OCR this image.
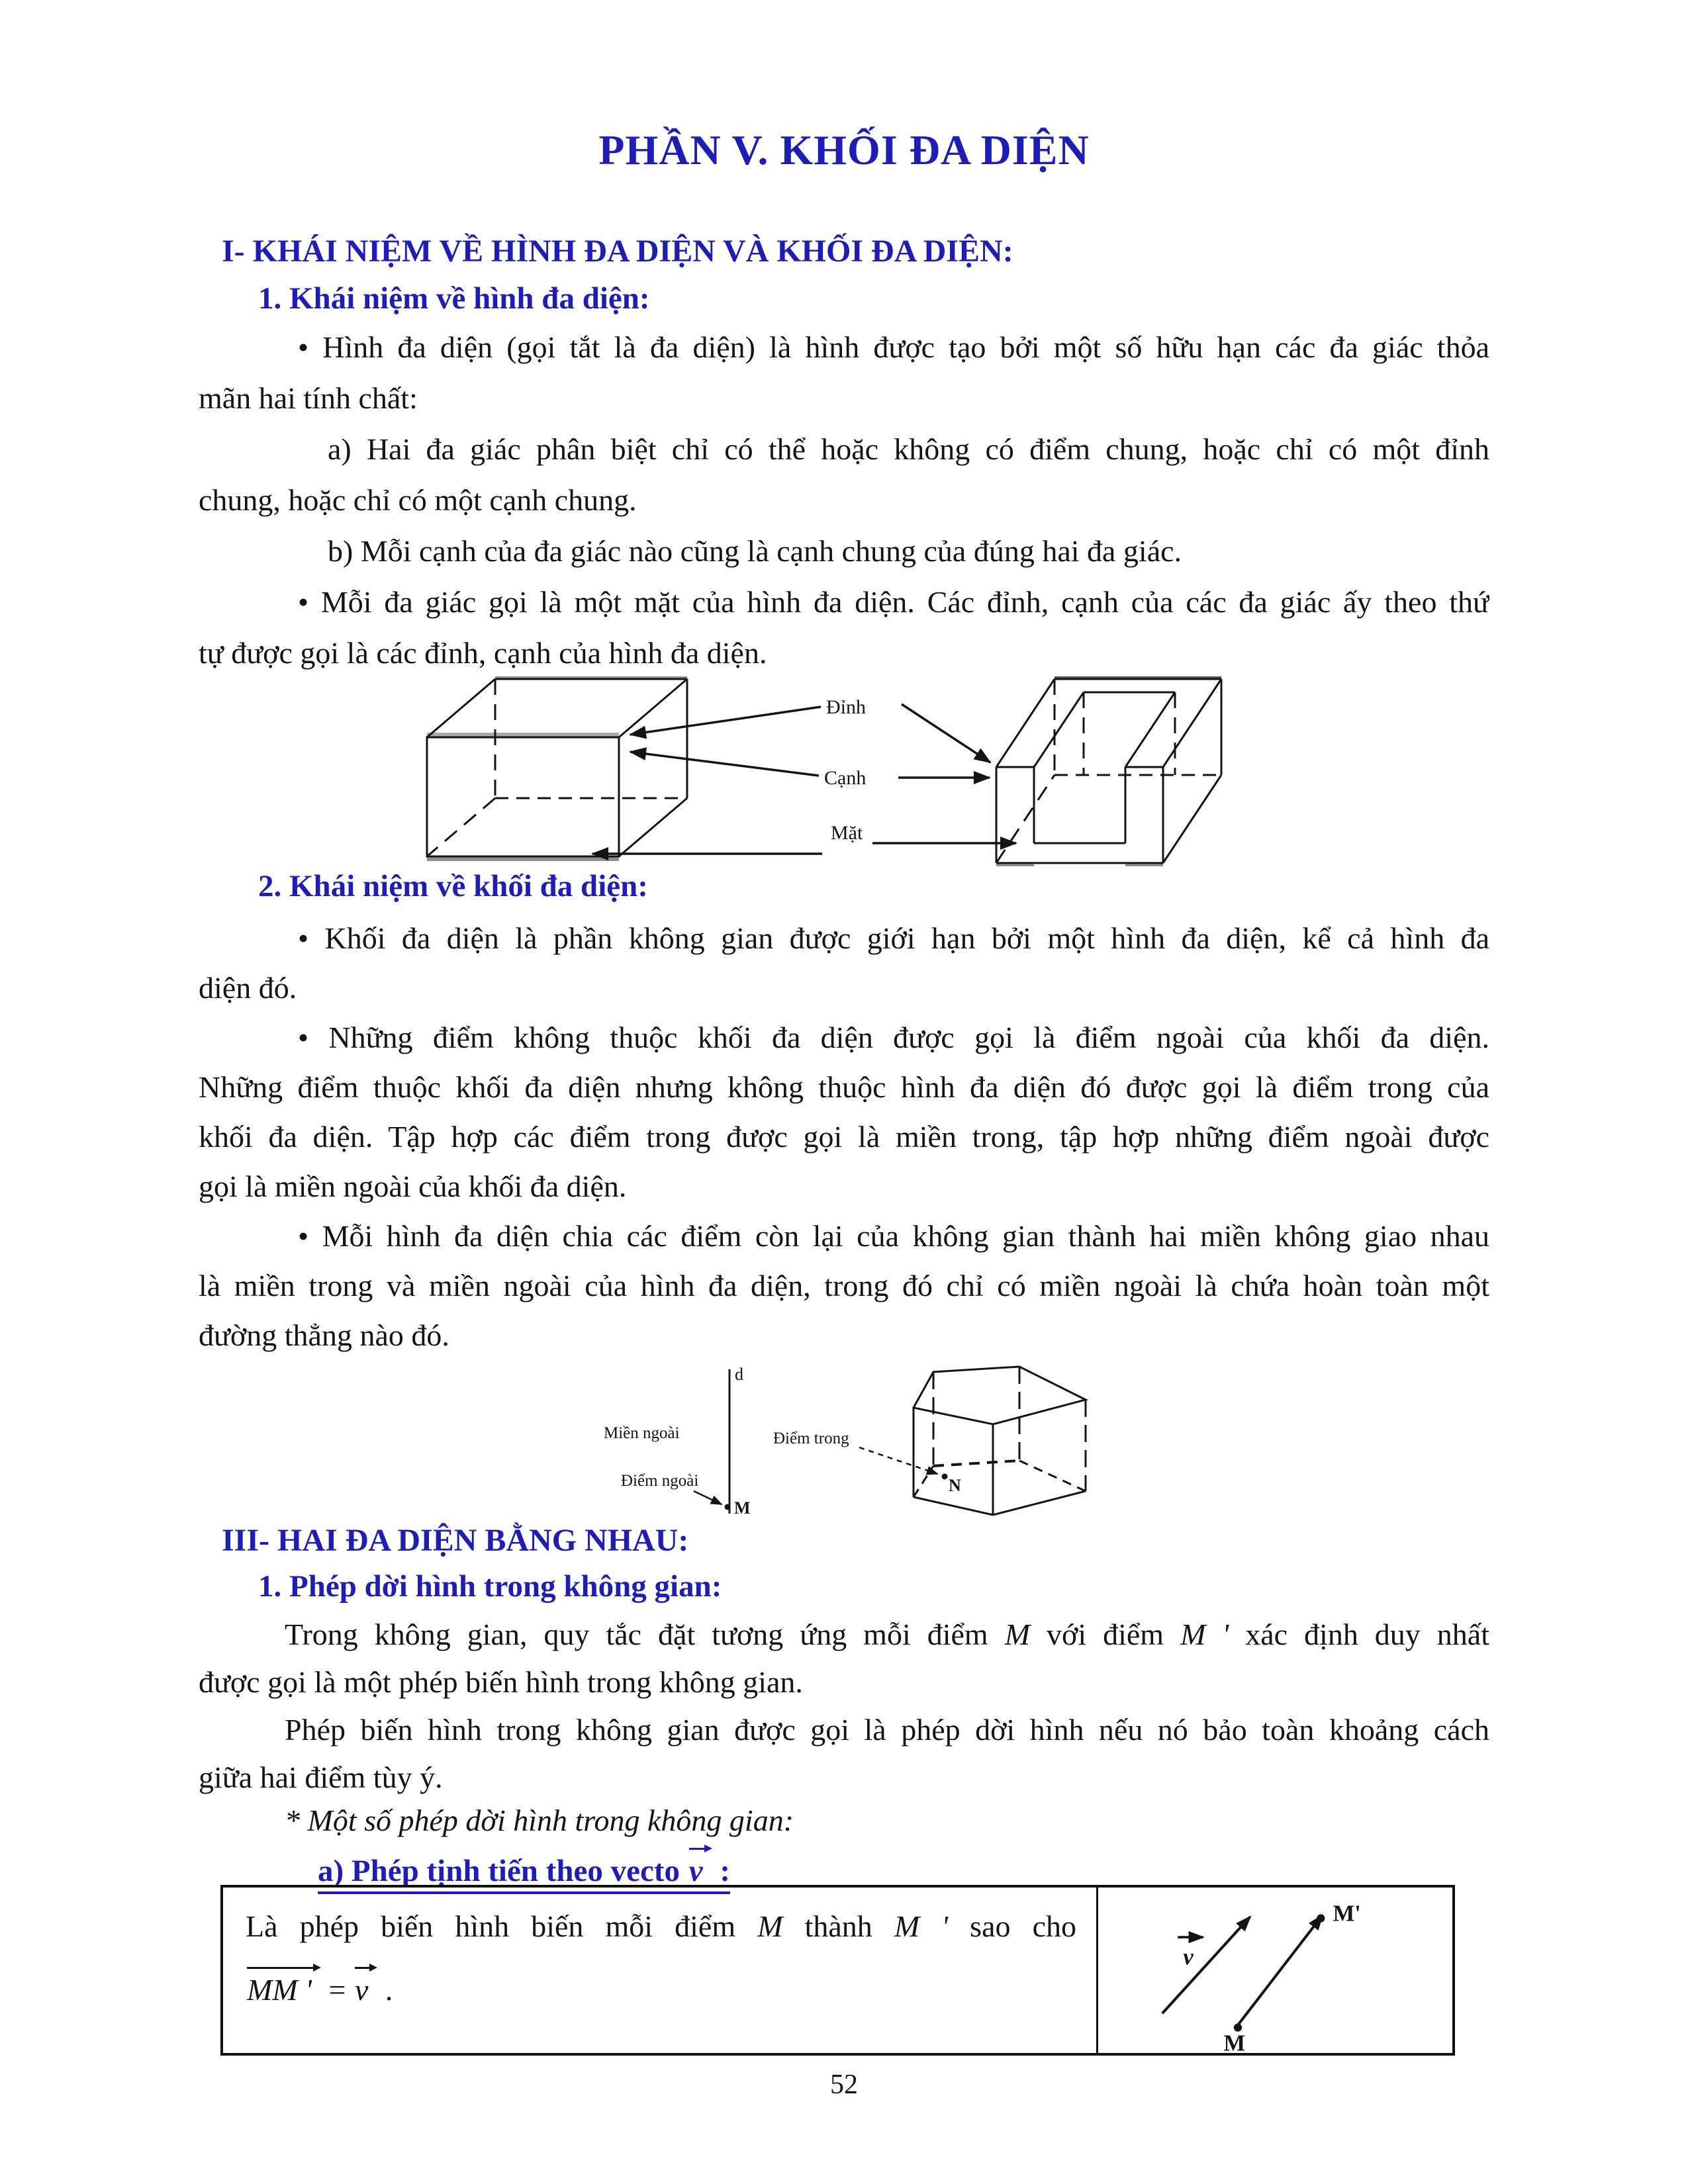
PHẦN V. KHỐI ĐA DIỆN
I- KHÁI NIỆM VỀ HÌNH ĐA DIỆN VÀ KHỐI ĐA DIỆN:
1. Khái niệm về hình đa diện:
• Hình đa diện (gọi tắt là đa diện) là hình được tạo bởi một số hữu hạn các đa giác thỏa
mãn hai tính chất:
a) Hai đa giác phân biệt chỉ có thể hoặc không có điểm chung, hoặc chỉ có một đỉnh
chung, hoặc chỉ có một cạnh chung.
b) Mỗi cạnh của đa giác nào cũng là cạnh chung của đúng hai đa giác.
• Mỗi đa giác gọi là một mặt của hình đa diện. Các đỉnh, cạnh của các đa giác ấy theo thứ
tự được gọi là các đỉnh, cạnh của hình đa diện.
Đỉnh
Cạnh
Mặt
2. Khái niệm về khối đa diện:
• Khối đa diện là phần không gian được giới hạn bởi một hình đa diện, kể cả hình đa
diện đó.
• Những điểm không thuộc khối đa diện được gọi là điểm ngoài của khối đa diện.
Những điểm thuộc khối đa diện nhưng không thuộc hình đa diện đó được gọi là điểm trong của
khối đa diện. Tập hợp các điểm trong được gọi là miền trong, tập hợp những điểm ngoài được
gọi là miền ngoài của khối đa diện.
• Mỗi hình đa diện chia các điểm còn lại của không gian thành hai miền không giao nhau
là miền trong và miền ngoài của hình đa diện, trong đó chỉ có miền ngoài là chứa hoàn toàn một
đường thẳng nào đó.
d
Miền ngoài
Điểm ngoài
M
Điểm trong
N
III- HAI ĐA DIỆN BẰNG NHAU:
1. Phép dời hình trong không gian:
Trong không gian, quy tắc đặt tương ứng mỗi điểm M với điểm M ' xác định duy nhất
được gọi là một phép biến hình trong không gian.
Phép biến hình trong không gian được gọi là phép dời hình nếu nó bảo toàn khoảng cách
giữa hai điểm tùy ý.
* Một số phép dời hình trong không gian:
a) Phép tịnh tiến theo vecto v :
Là phép biến hình biến mỗi điểm M thành M ' sao cho
MM ' = v .
v
M
M'
52
